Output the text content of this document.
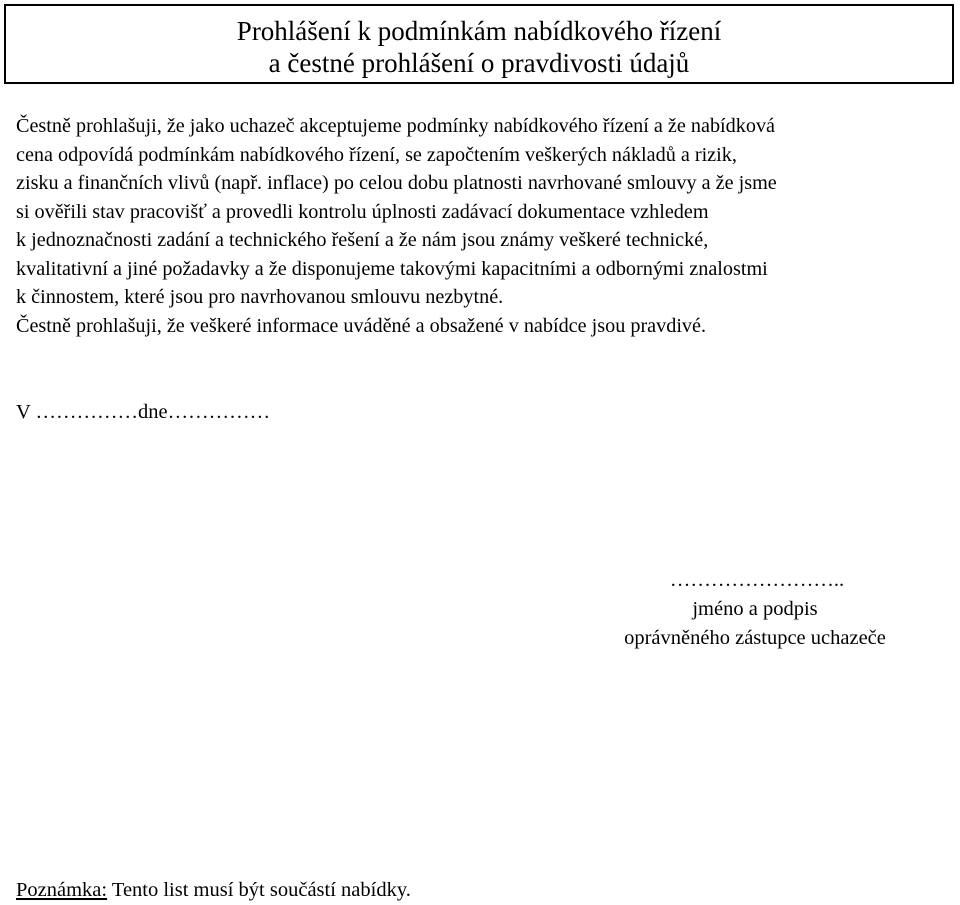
Prohlášení k podmínkám nabídkového řízení
a čestné prohlášení o pravdivosti údajů
Čestně prohlašuji, že jako uchazeč akceptujeme podmínky nabídkového řízení a že nabídková
cena odpovídá podmínkám nabídkového řízení, se započtením veškerých nákladů a rizik,
zisku a finančních vlivů (např. inflace) po celou dobu platnosti navrhované smlouvy a že jsme
si ověřili stav pracovišť a provedli kontrolu úplnosti zadávací dokumentace vzhledem
k jednoznačnosti zadání a technického řešení a že nám jsou známy veškeré technické,
kvalitativní a jiné požadavky a že disponujeme takovými kapacitními a odbornými znalostmi
k činnostem, které jsou pro navrhovanou smlouvu nezbytné.
Čestně prohlašuji, že veškeré informace uváděné a obsažené v nabídce jsou pravdivé.
V ……………dne……………
……………………..
jméno a podpis
oprávněného zástupce uchazeče
Poznámka: Tento list musí být součástí nabídky.
